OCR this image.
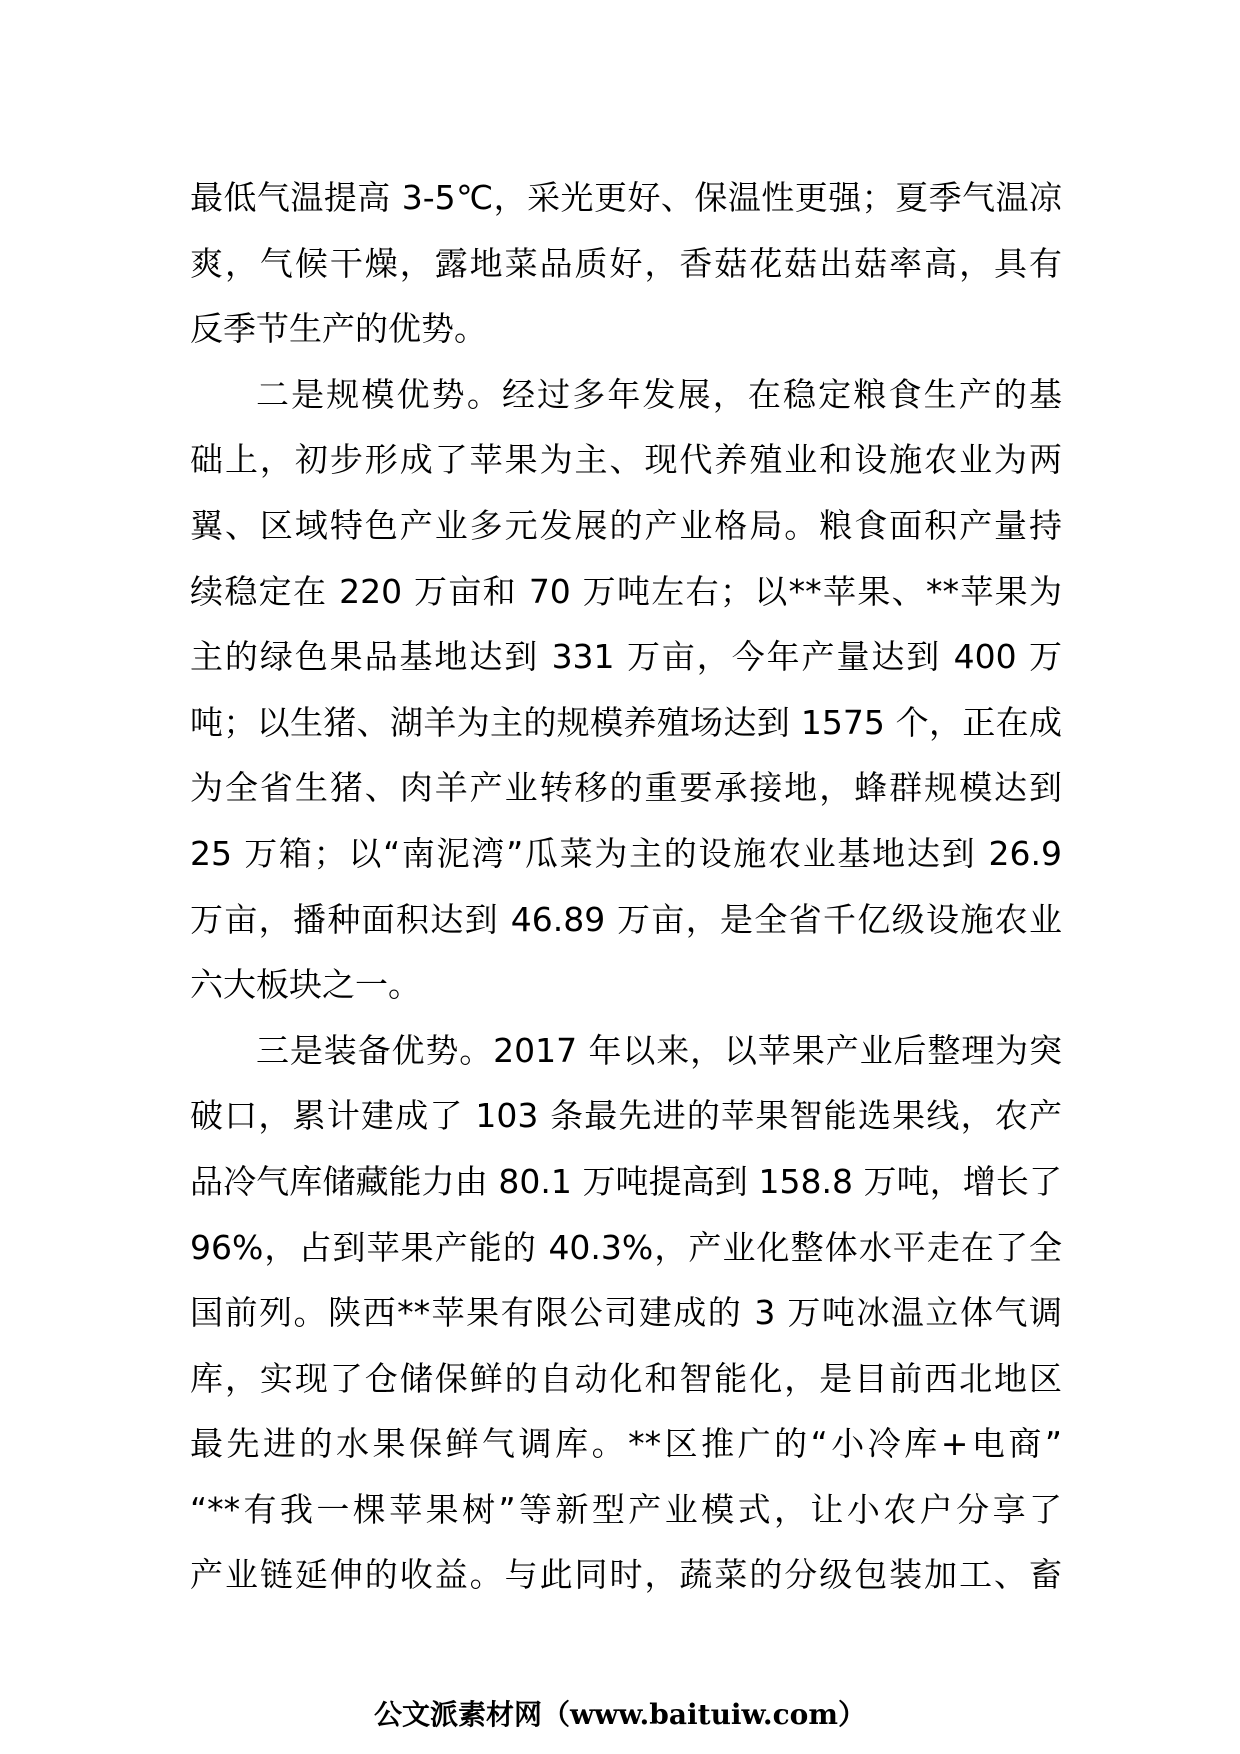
最低气温提高 3-5℃，采光更好、保温性更强；夏季气温凉
爽，气候干燥，露地菜品质好，香菇花菇出菇率高，具有
反季节生产的优势。
二是规模优势。经过多年发展，在稳定粮食生产的基
础上，初步形成了苹果为主、现代养殖业和设施农业为两
翼、区域特色产业多元发展的产业格局。粮食面积产量持
续稳定在 220 万亩和 70 万吨左右；以**苹果、**苹果为
主的绿色果品基地达到 331 万亩，今年产量达到 400 万
吨；以生猪、湖羊为主的规模养殖场达到 1575 个，正在成
为全省生猪、肉羊产业转移的重要承接地，蜂群规模达到
25 万箱；以“南泥湾”瓜菜为主的设施农业基地达到 26.9
万亩，播种面积达到 46.89 万亩，是全省千亿级设施农业
六大板块之一。
三是装备优势。2017 年以来，以苹果产业后整理为突
破口，累计建成了 103 条最先进的苹果智能选果线，农产
品冷气库储藏能力由 80.1 万吨提高到 158.8 万吨，增长了
96%，占到苹果产能的 40.3%，产业化整体水平走在了全
国前列。陕西**苹果有限公司建成的 3 万吨冰温立体气调
库，实现了仓储保鲜的自动化和智能化，是目前西北地区
最先进的水果保鲜气调库。**区推广的“小冷库+电商”
“**有我一棵苹果树”等新型产业模式，让小农户分享了
产业链延伸的收益。与此同时，蔬菜的分级包装加工、畜
公文派素材网（www.baituiw.com）
